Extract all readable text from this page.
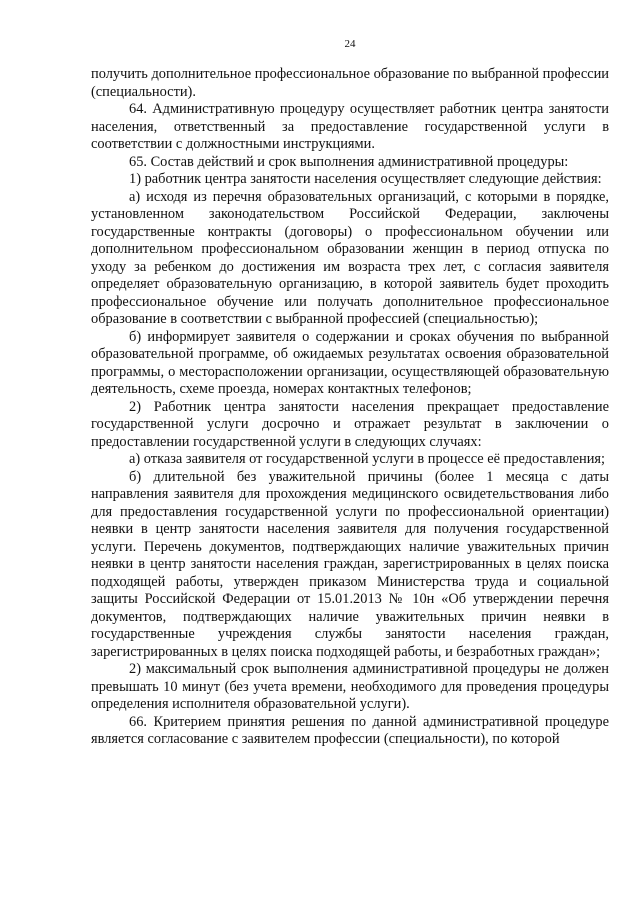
24

получить дополнительное профессиональное образование по выбранной профессии (специальности).

64. Административную процедуру осуществляет работник центра занятости населения, ответственный за предоставление государственной услуги в соответствии с должностными инструкциями.

65. Состав действий и срок выполнения административной процедуры:

1) работник центра занятости населения осуществляет следующие действия:

а) исходя из перечня образовательных организаций, с которыми в порядке, установленном законодательством Российской Федерации, заключены государственные контракты (договоры) о профессиональном обучении или дополнительном профессиональном образовании женщин в период отпуска по уходу за ребенком до достижения им возраста трех лет, с согласия заявителя определяет образовательную организацию, в которой заявитель будет проходить профессиональное обучение или получать дополнительное профессиональное образование в соответствии с выбранной профессией (специальностью);

б) информирует заявителя о содержании и сроках обучения по выбранной образовательной программе, об ожидаемых результатах освоения образовательной программы, о месторасположении организации, осуществляющей образовательную деятельность, схеме проезда, номерах контактных телефонов;

2) Работник центра занятости населения прекращает предоставление государственной услуги досрочно и отражает результат в заключении о предоставлении государственной услуги в следующих случаях:

а) отказа заявителя от государственной услуги в процессе её предоставления;

б) длительной без уважительной причины (более 1 месяца с даты направления заявителя для прохождения медицинского освидетельствования либо для предоставления государственной услуги по профессиональной ориентации) неявки в центр занятости населения заявителя для получения государственной услуги. Перечень документов, подтверждающих наличие уважительных причин неявки в центр занятости населения граждан, зарегистрированных в целях поиска подходящей работы, утвержден приказом Министерства труда и социальной защиты Российской Федерации от 15.01.2013 № 10н «Об утверждении перечня документов, подтверждающих наличие уважительных причин неявки в государственные учреждения службы занятости населения граждан, зарегистрированных в целях поиска подходящей работы, и безработных граждан»;

2) максимальный срок выполнения административной процедуры не должен превышать 10 минут (без учета времени, необходимого для проведения процедуры определения исполнителя образовательной услуги).

66. Критерием принятия решения по данной административной процедуре является согласование с заявителем профессии (специальности), по которой
